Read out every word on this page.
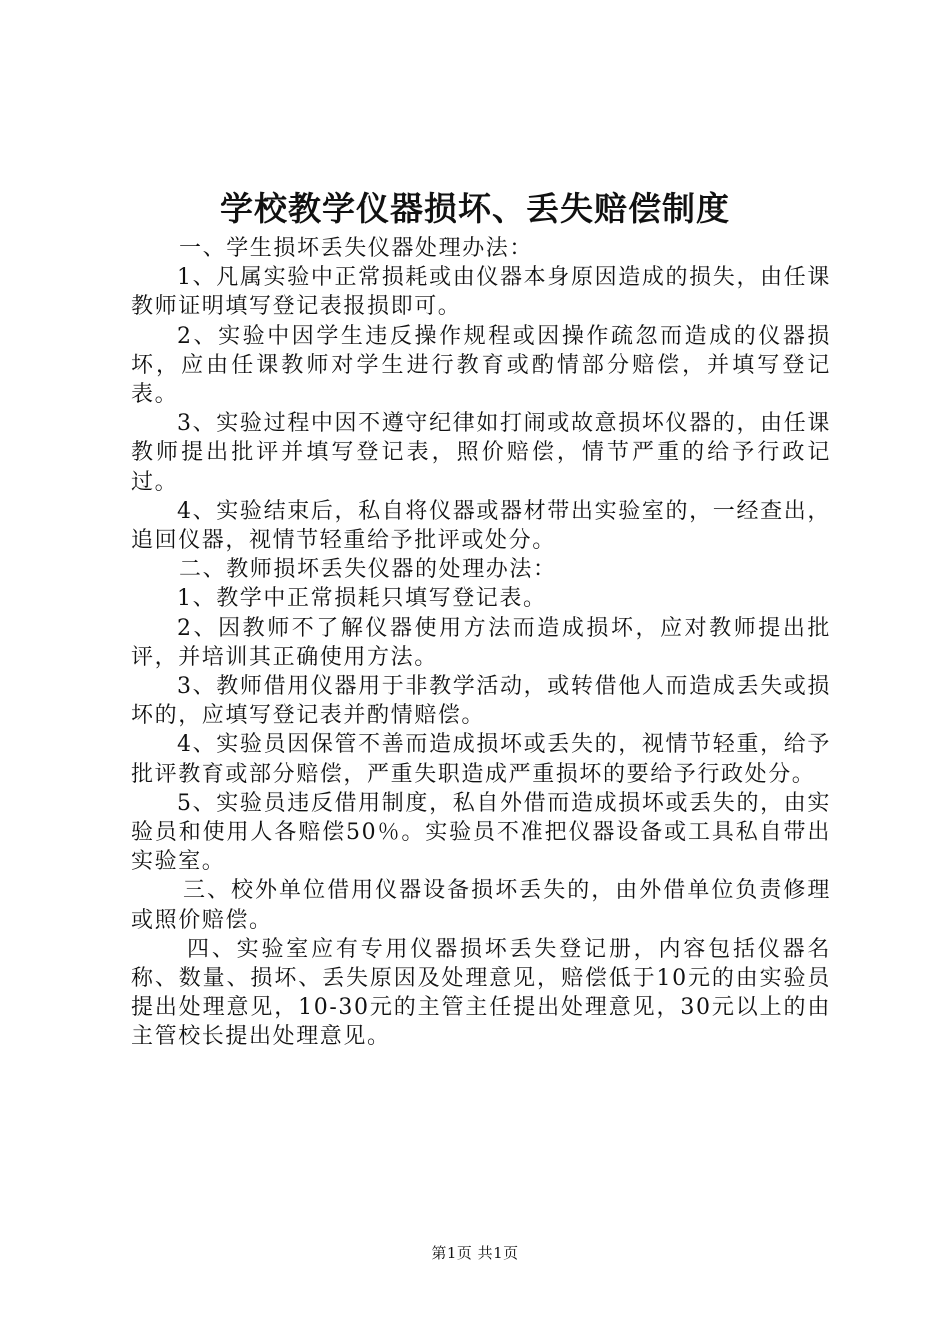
学校教学仪器损坏、丢失赔偿制度

一、学生损坏丢失仪器处理办法：

1、凡属实验中正常损耗或由仪器本身原因造成的损失，由任课教师证明填写登记表报损即可。

2、实验中因学生违反操作规程或因操作疏忽而造成的仪器损坏，应由任课教师对学生进行教育或酌情部分赔偿，并填写登记表。

3、实验过程中因不遵守纪律如打闹或故意损坏仪器的，由任课教师提出批评并填写登记表，照价赔偿，情节严重的给予行政记过。

4、实验结束后，私自将仪器或器材带出实验室的，一经查出，追回仪器，视情节轻重给予批评或处分。

二、教师损坏丢失仪器的处理办法：

1、教学中正常损耗只填写登记表。

2、因教师不了解仪器使用方法而造成损坏，应对教师提出批评，并培训其正确使用方法。

3、教师借用仪器用于非教学活动，或转借他人而造成丢失或损坏的，应填写登记表并酌情赔偿。

4、实验员因保管不善而造成损坏或丢失的，视情节轻重，给予批评教育或部分赔偿，严重失职造成严重损坏的要给予行政处分。

5、实验员违反借用制度，私自外借而造成损坏或丢失的，由实验员和使用人各赔偿50％。实验员不准把仪器设备或工具私自带出实验室。

三、校外单位借用仪器设备损坏丢失的，由外借单位负责修理或照价赔偿。

四、实验室应有专用仪器损坏丢失登记册，内容包括仪器名称、数量、损坏、丢失原因及处理意见，赔偿低于10元的由实验员提出处理意见，10-30元的主管主任提出处理意见，30元以上的由主管校长提出处理意见。

第1页 共1页
